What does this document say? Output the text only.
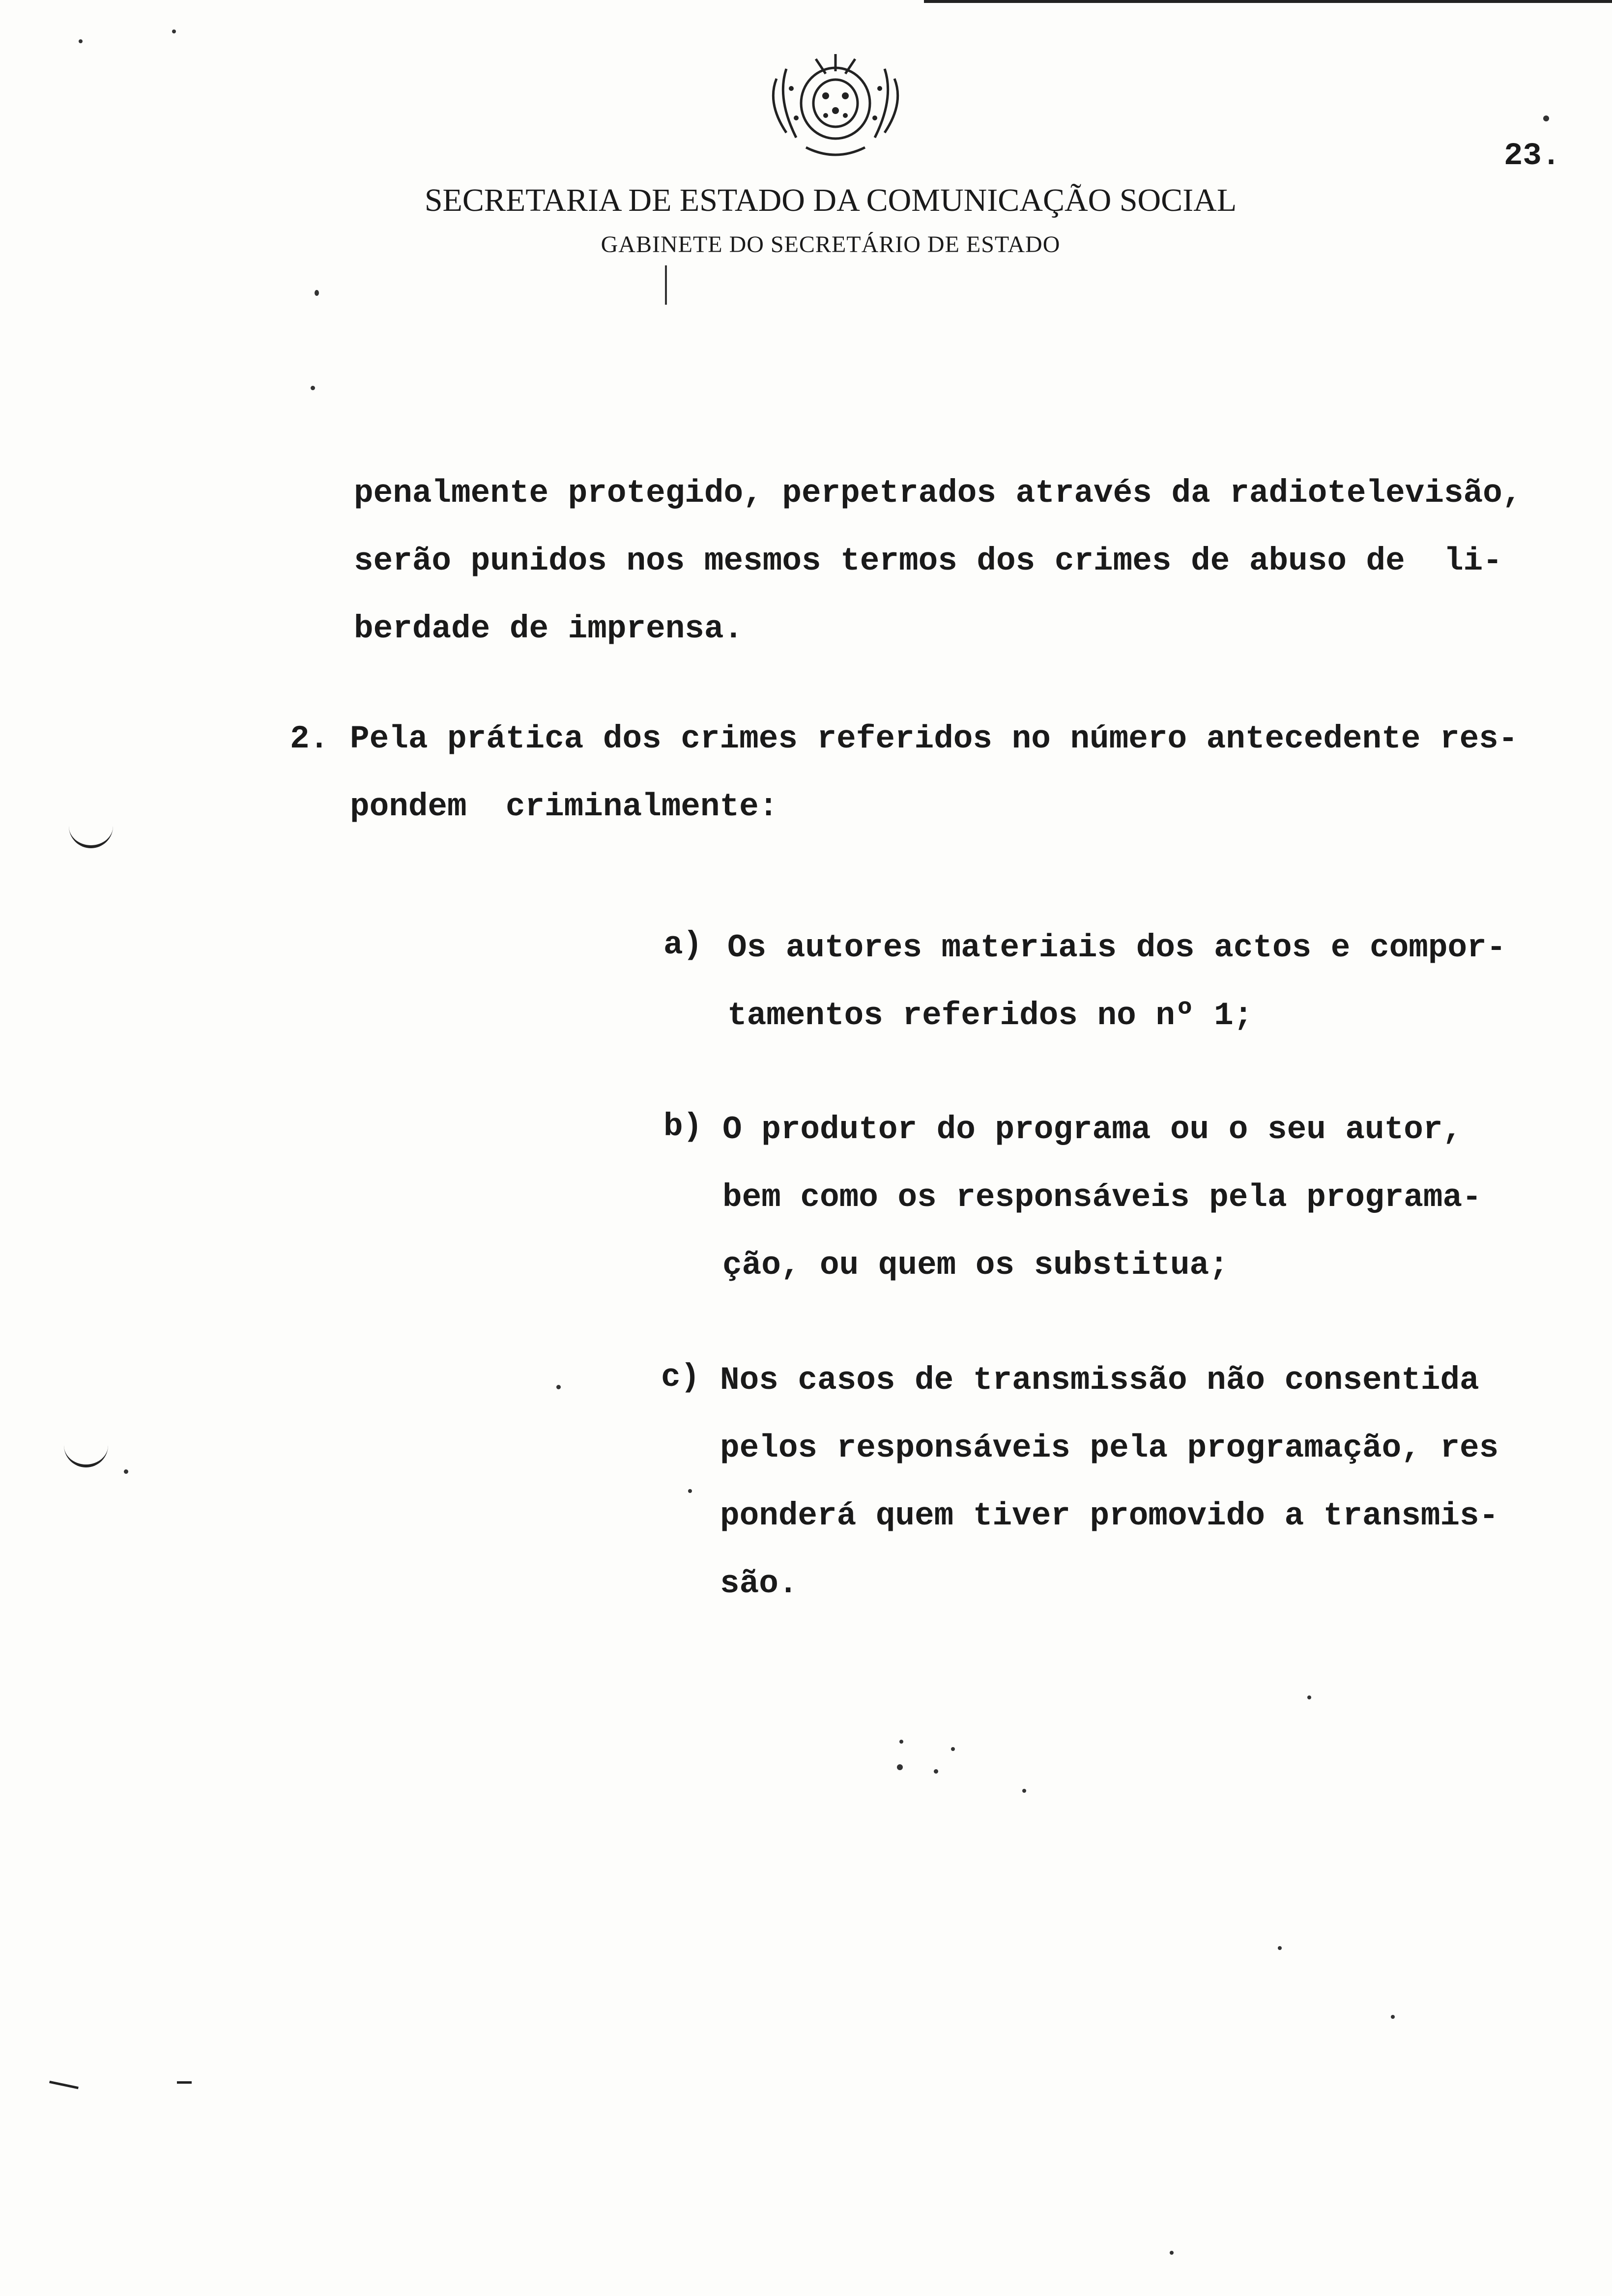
23.
SECRETARIA DE ESTADO DA COMUNICAÇÃO SOCIAL
GABINETE DO SECRETÁRIO DE ESTADO
penalmente protegido, perpetrados através da radiotelevisão,
serão punidos nos mesmos termos dos crimes de abuso de  li-
berdade de imprensa.
2. Pela prática dos crimes referidos no número antecedente res-
pondem  criminalmente:
a) Os autores materiais dos actos e compor-
tamentos referidos no nº 1;
b) O produtor do programa ou o seu autor,
bem como os responsáveis pela programa-
ção, ou quem os substitua;
c) Nos casos de transmissão não consentida
pelos responsáveis pela programação, res
ponderá quem tiver promovido a transmis-
são.
